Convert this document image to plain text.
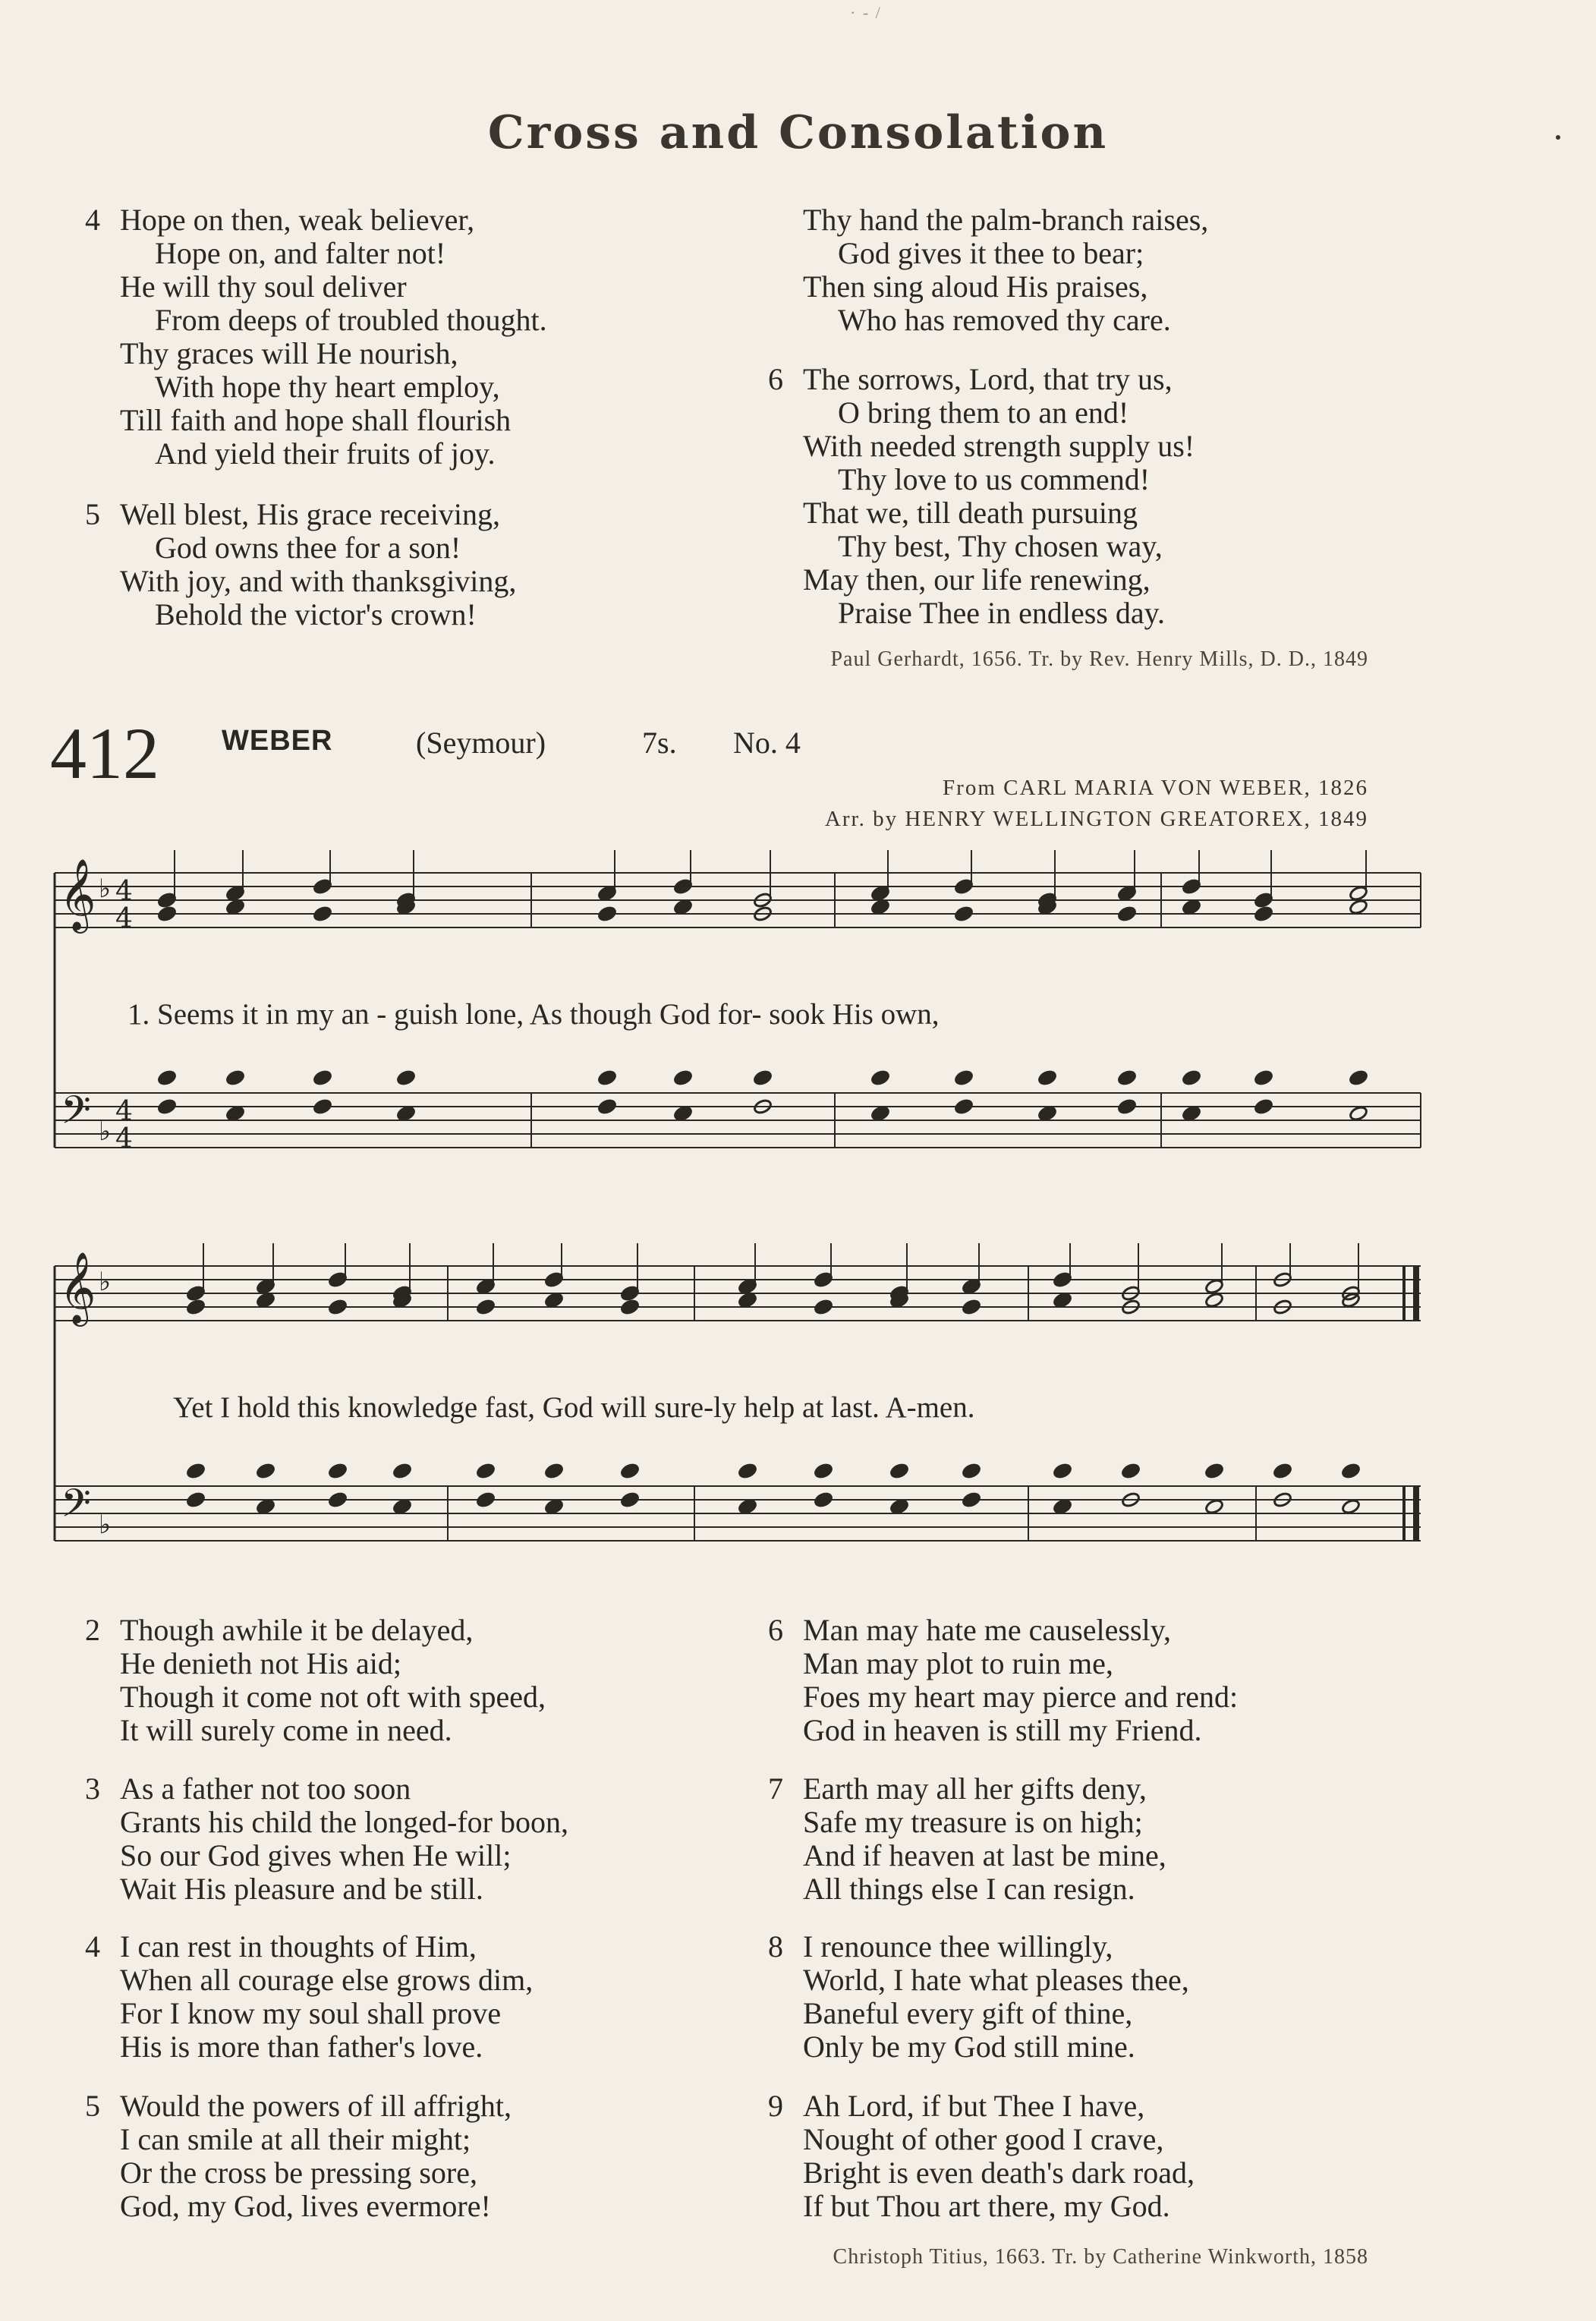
· - /
Cross and Consolation
4 Hope on then, weak believer,
Hope on, and falter not!
He will thy soul deliver
From deeps of troubled thought.
Thy graces will He nourish,
With hope thy heart employ,
Till faith and hope shall flourish
And yield their fruits of joy.
5 Well blest, His grace receiving,
God owns thee for a son!
With joy, and with thanksgiving,
Behold the victor's crown!
Thy hand the palm-branch raises,
God gives it thee to bear;
Then sing aloud His praises,
Who has removed thy care.
6 The sorrows, Lord, that try us,
O bring them to an end!
With needed strength supply us!
Thy love to us commend!
That we, till death pursuing
Thy best, Thy chosen way,
May then, our life renewing,
Praise Thee in endless day.
Paul Gerhardt, 1656. Tr. by Rev. Henry Mills, D. D., 1849
412 WEBER	(Seymour)	7s. No. 4
From CARL MARIA VON WEBER, 1826
Arr. by HENRY WELLINGTON GREATOREX, 1849
𝄞
𝄢
♭
♭
4
4
4
4
𝄞
𝄢
♭
♭
1. Seems it in my an - guish lone, As though God for- sook His own,
Yet I hold this knowledge fast, God will sure-ly help at last. A-men.
2 Though awhile it be delayed,
He denieth not His aid;
Though it come not oft with speed,
It will surely come in need.
3 As a father not too soon
Grants his child the longed-for boon,
So our God gives when He will;
Wait His pleasure and be still.
4 I can rest in thoughts of Him,
When all courage else grows dim,
For I know my soul shall prove
His is more than father's love.
5 Would the powers of ill affright,
I can smile at all their might;
Or the cross be pressing sore,
God, my God, lives evermore!
6 Man may hate me causelessly,
Man may plot to ruin me,
Foes my heart may pierce and rend:
God in heaven is still my Friend.
7 Earth may all her gifts deny,
Safe my treasure is on high;
And if heaven at last be mine,
All things else I can resign.
8 I renounce thee willingly,
World, I hate what pleases thee,
Baneful every gift of thine,
Only be my God still mine.
9 Ah Lord, if but Thee I have,
Nought of other good I crave,
Bright is even death's dark road,
If but Thou art there, my God.
Christoph Titius, 1663. Tr. by Catherine Winkworth, 1858
